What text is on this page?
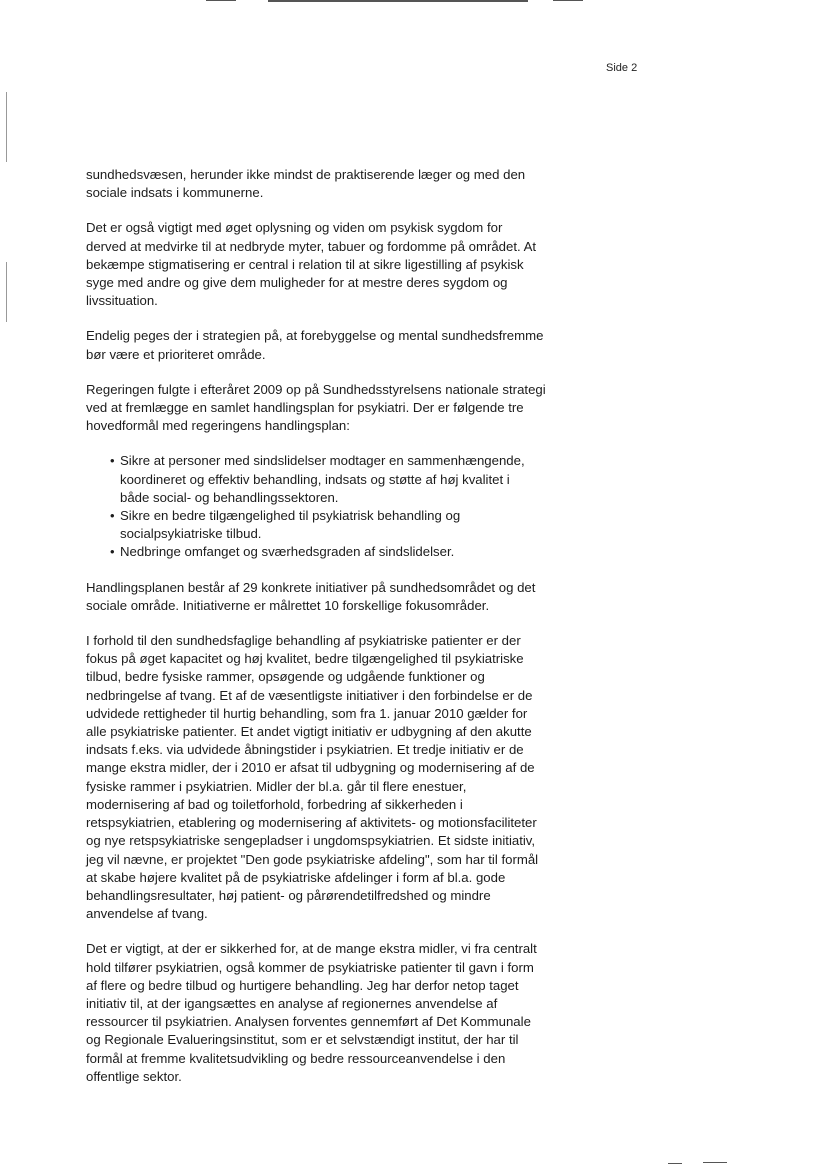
Side 2

sundhedsvæsen, herunder ikke mindst de praktiserende læger og med den
sociale indsats i kommunerne.

Det er også vigtigt med øget oplysning og viden om psykisk sygdom for
derved at medvirke til at nedbryde myter, tabuer og fordomme på området. At
bekæmpe stigmatisering er central i relation til at sikre ligestilling af psykisk
syge med andre og give dem muligheder for at mestre deres sygdom og
livssituation.

Endelig peges der i strategien på, at forebyggelse og mental sundhedsfremme
bør være et prioriteret område.

Regeringen fulgte i efteråret 2009 op på Sundhedsstyrelsens nationale strategi
ved at fremlægge en samlet handlingsplan for psykiatri. Der er følgende tre
hovedformål med regeringens handlingsplan:

• Sikre at personer med sindslidelser modtager en sammenhængende,
koordineret og effektiv behandling, indsats og støtte af høj kvalitet i
både social- og behandlingssektoren.
• Sikre en bedre tilgængelighed til psykiatrisk behandling og
socialpsykiatriske tilbud.
• Nedbringe omfanget og sværhedsgraden af sindslidelser.

Handlingsplanen består af 29 konkrete initiativer på sundhedsområdet og det
sociale område. Initiativerne er målrettet 10 forskellige fokusområder.

I forhold til den sundhedsfaglige behandling af psykiatriske patienter er der
fokus på øget kapacitet og høj kvalitet, bedre tilgængelighed til psykiatriske
tilbud, bedre fysiske rammer, opsøgende og udgående funktioner og
nedbringelse af tvang. Et af de væsentligste initiativer i den forbindelse er de
udvidede rettigheder til hurtig behandling, som fra 1. januar 2010 gælder for
alle psykiatriske patienter. Et andet vigtigt initiativ er udbygning af den akutte
indsats f.eks. via udvidede åbningstider i psykiatrien. Et tredje initiativ er de
mange ekstra midler, der i 2010 er afsat til udbygning og modernisering af de
fysiske rammer i psykiatrien. Midler der bl.a. går til flere enestuer,
modernisering af bad og toiletforhold, forbedring af sikkerheden i
retspsykiatrien, etablering og modernisering af aktivitets- og motionsfaciliteter
og nye retspsykiatriske sengepladser i ungdomspsykiatrien. Et sidste initiativ,
jeg vil nævne, er projektet "Den gode psykiatriske afdeling", som har til formål
at skabe højere kvalitet på de psykiatriske afdelinger i form af bl.a. gode
behandlingsresultater, høj patient- og pårørendetilfredshed og mindre
anvendelse af tvang.

Det er vigtigt, at der er sikkerhed for, at de mange ekstra midler, vi fra centralt
hold tilfører psykiatrien, også kommer de psykiatriske patienter til gavn i form
af flere og bedre tilbud og hurtigere behandling. Jeg har derfor netop taget
initiativ til, at der igangsættes en analyse af regionernes anvendelse af
ressourcer til psykiatrien. Analysen forventes gennemført af Det Kommunale
og Regionale Evalueringsinstitut, som er et selvstændigt institut, der har til
formål at fremme kvalitetsudvikling og bedre ressourceanvendelse i den
offentlige sektor.
